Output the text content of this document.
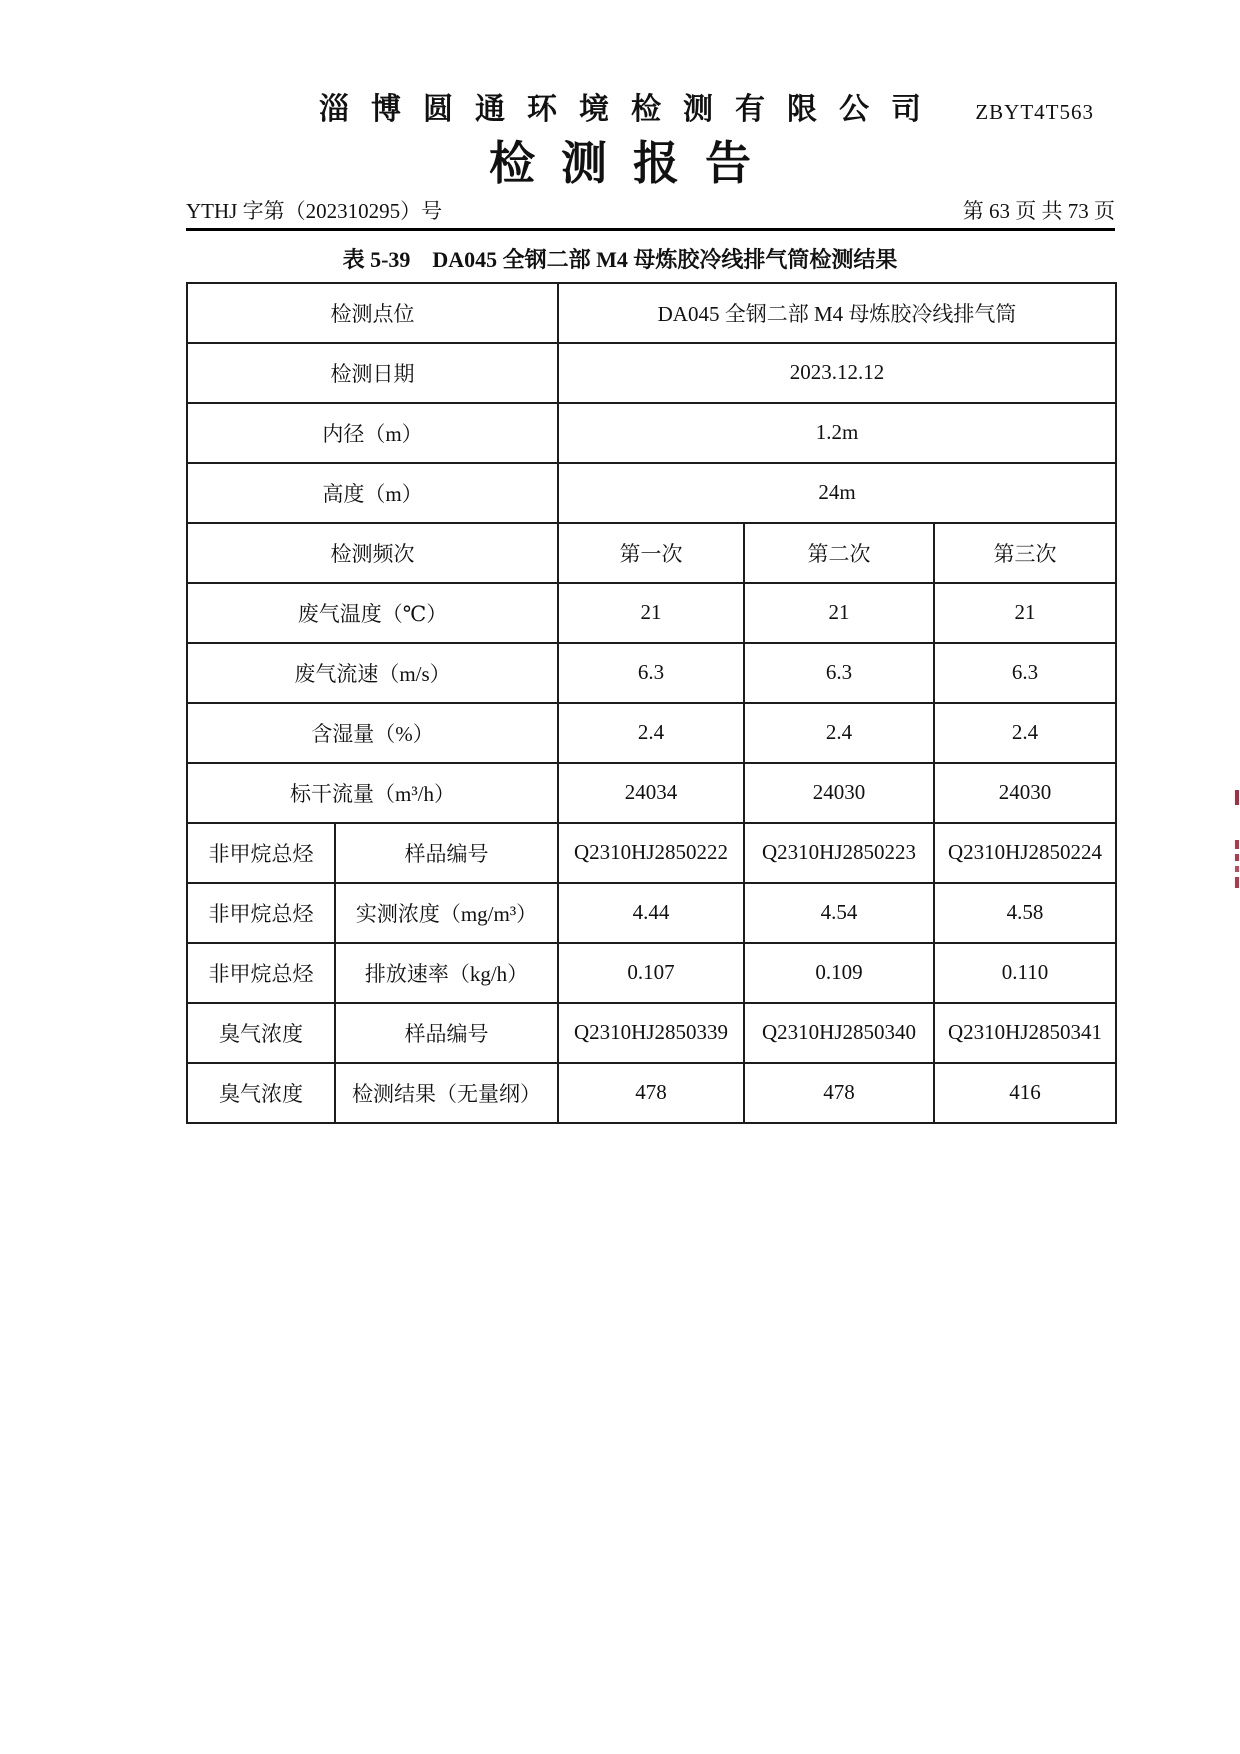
淄博圆通环境检测有限公司 ZBYT4T563
检测报告
YTHJ 字第（202310295）号	第 63 页 共 73 页
表 5-39　DA045 全钢二部 M4 母炼胶冷线排气筒检测结果
检测点位		DA045 全钢二部 M4 母炼胶冷线排气筒		
检测日期		2023.12.12		
内径（m）		1.2m		
高度（m）		24m		
检测频次		第一次	第二次	第三次
废气温度（℃）		21	21	21
废气流速（m/s）		6.3	6.3	6.3
含湿量（%）		2.4	2.4	2.4
标干流量（m³/h）		24034	24030	24030
非甲烷总烃	样品编号	Q2310HJ2850222	Q2310HJ2850223	Q2310HJ2850224
非甲烷总烃	实测浓度（mg/m³）	4.44	4.54	4.58
非甲烷总烃	排放速率（kg/h）	0.107	0.109	0.110
臭气浓度	样品编号	Q2310HJ2850339	Q2310HJ2850340	Q2310HJ2850341
臭气浓度	检测结果（无量纲）	478	478	416
